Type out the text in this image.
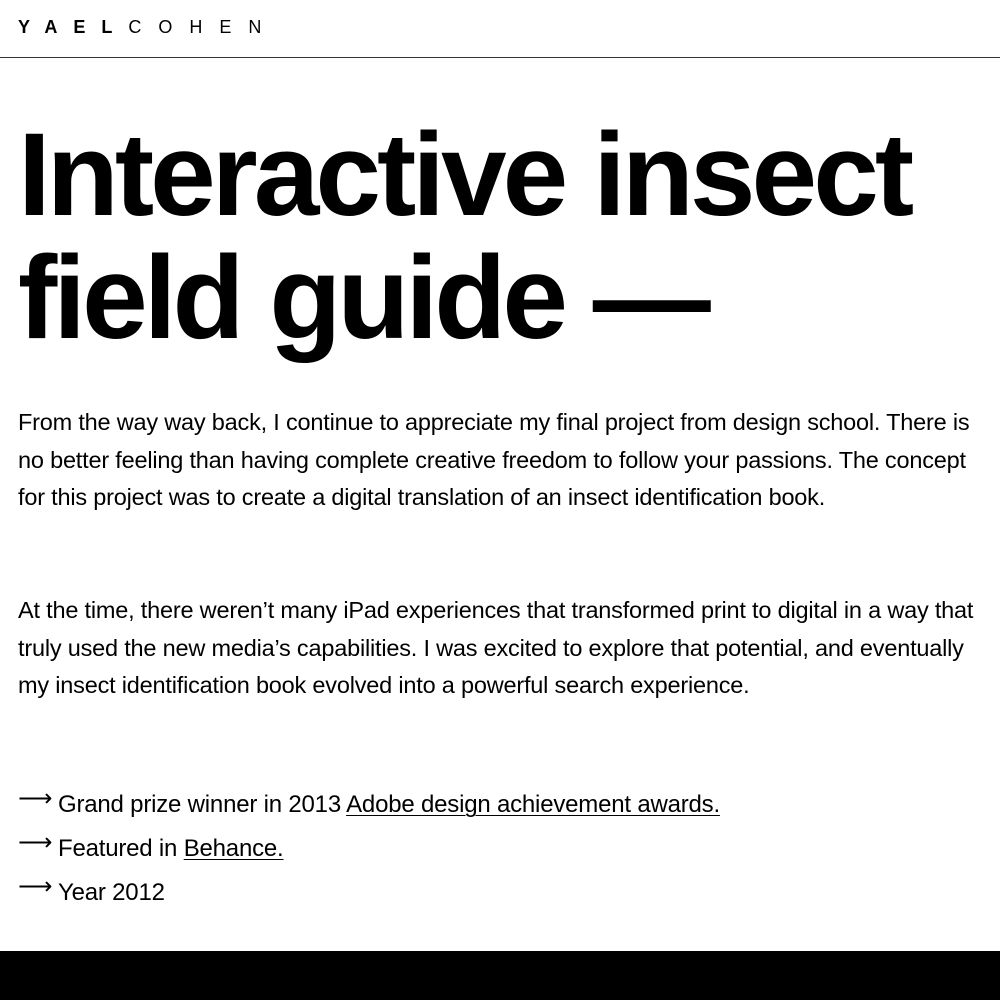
YAELCOHEN
Interactive insect
field guide —

From the way way back, I continue to appreciate my final project from design school. There is no better feeling than having complete creative freedom to follow your passions. The concept for this project was to create a digital translation of an insect identification book.

At the time, there weren’t many iPad experiences that transformed print to digital in a way that truly used the new media’s capabilities. I was excited to explore that potential, and eventually my insect identification book evolved into a powerful search experience.

⟶ Grand prize winner in 2013 Adobe design achievement awards.
⟶ Featured in Behance.
⟶ Year 2012
